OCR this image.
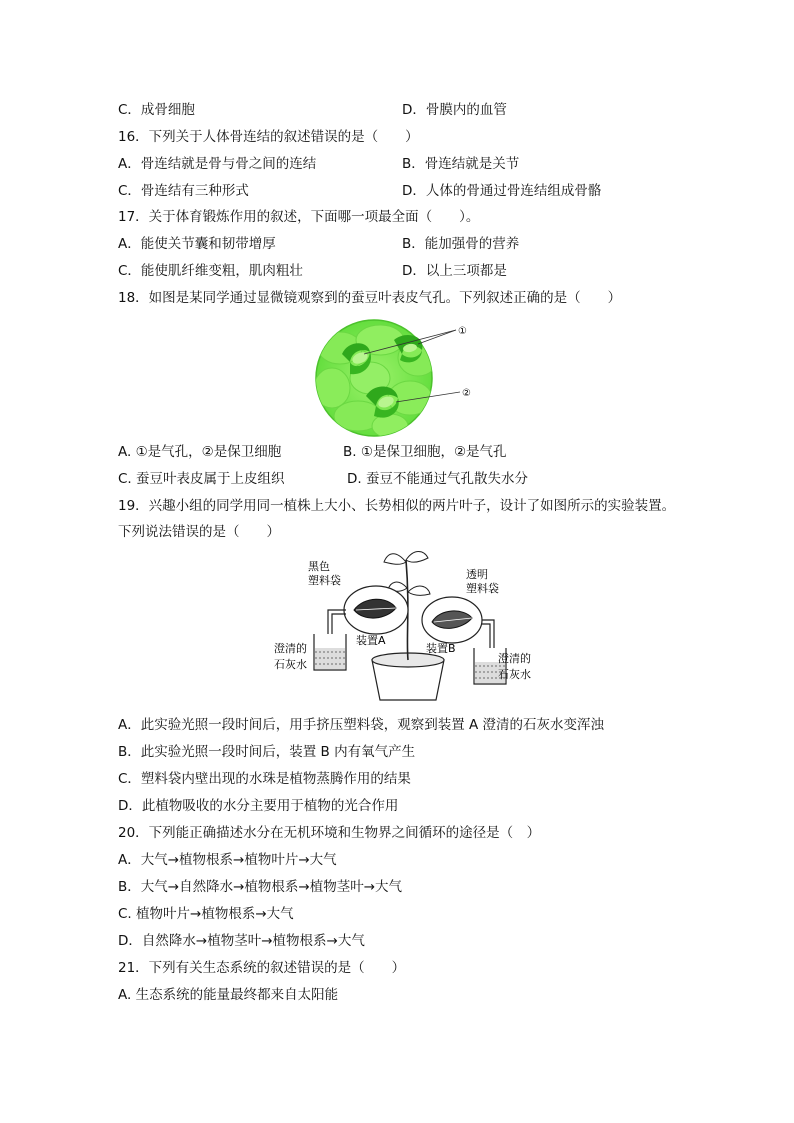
C．成骨细胞	D．骨膜内的血管
16．下列关于人体骨连结的叙述错误的是（　　）
A．骨连结就是骨与骨之间的连结	B．骨连结就是关节
C．骨连结有三种形式	D．人体的骨通过骨连结组成骨骼
17．关于体育锻炼作用的叙述，下面哪一项最全面（　　）。
A．能使关节囊和韧带增厚	B．能加强骨的营养
C．能使肌纤维变粗，肌肉粗壮	D．以上三项都是
18．如图是某同学通过显微镜观察到的蚕豆叶表皮气孔。下列叙述正确的是（　　）
①
②
A. ①是气孔，②是保卫细胞	B. ①是保卫细胞，②是气孔
C. 蚕豆叶表皮属于上皮组织	D. 蚕豆不能通过气孔散失水分
19．兴趣小组的同学用同一植株上大小、长势相似的两片叶子，设计了如图所示的实验装置。
下列说法错误的是（　　）
黑色
塑料袋	透明
塑料袋
装置A
装置B
澄清的
石灰水	澄清的
石灰水
A．此实验光照一段时间后，用手挤压塑料袋，观察到装置 A 澄清的石灰水变浑浊
B．此实验光照一段时间后，装置 B 内有氧气产生
C．塑料袋内壁出现的水珠是植物蒸腾作用的结果
D．此植物吸收的水分主要用于植物的光合作用
20．下列能正确描述水分在无机环境和生物界之间循环的途径是（　）
A．大气→植物根系→植物叶片→大气
B．大气→自然降水→植物根系→植物茎叶→大气
C. 植物叶片→植物根系→大气
D．自然降水→植物茎叶→植物根系→大气
21．下列有关生态系统的叙述错误的是（　　）
A. 生态系统的能量最终都来自太阳能
